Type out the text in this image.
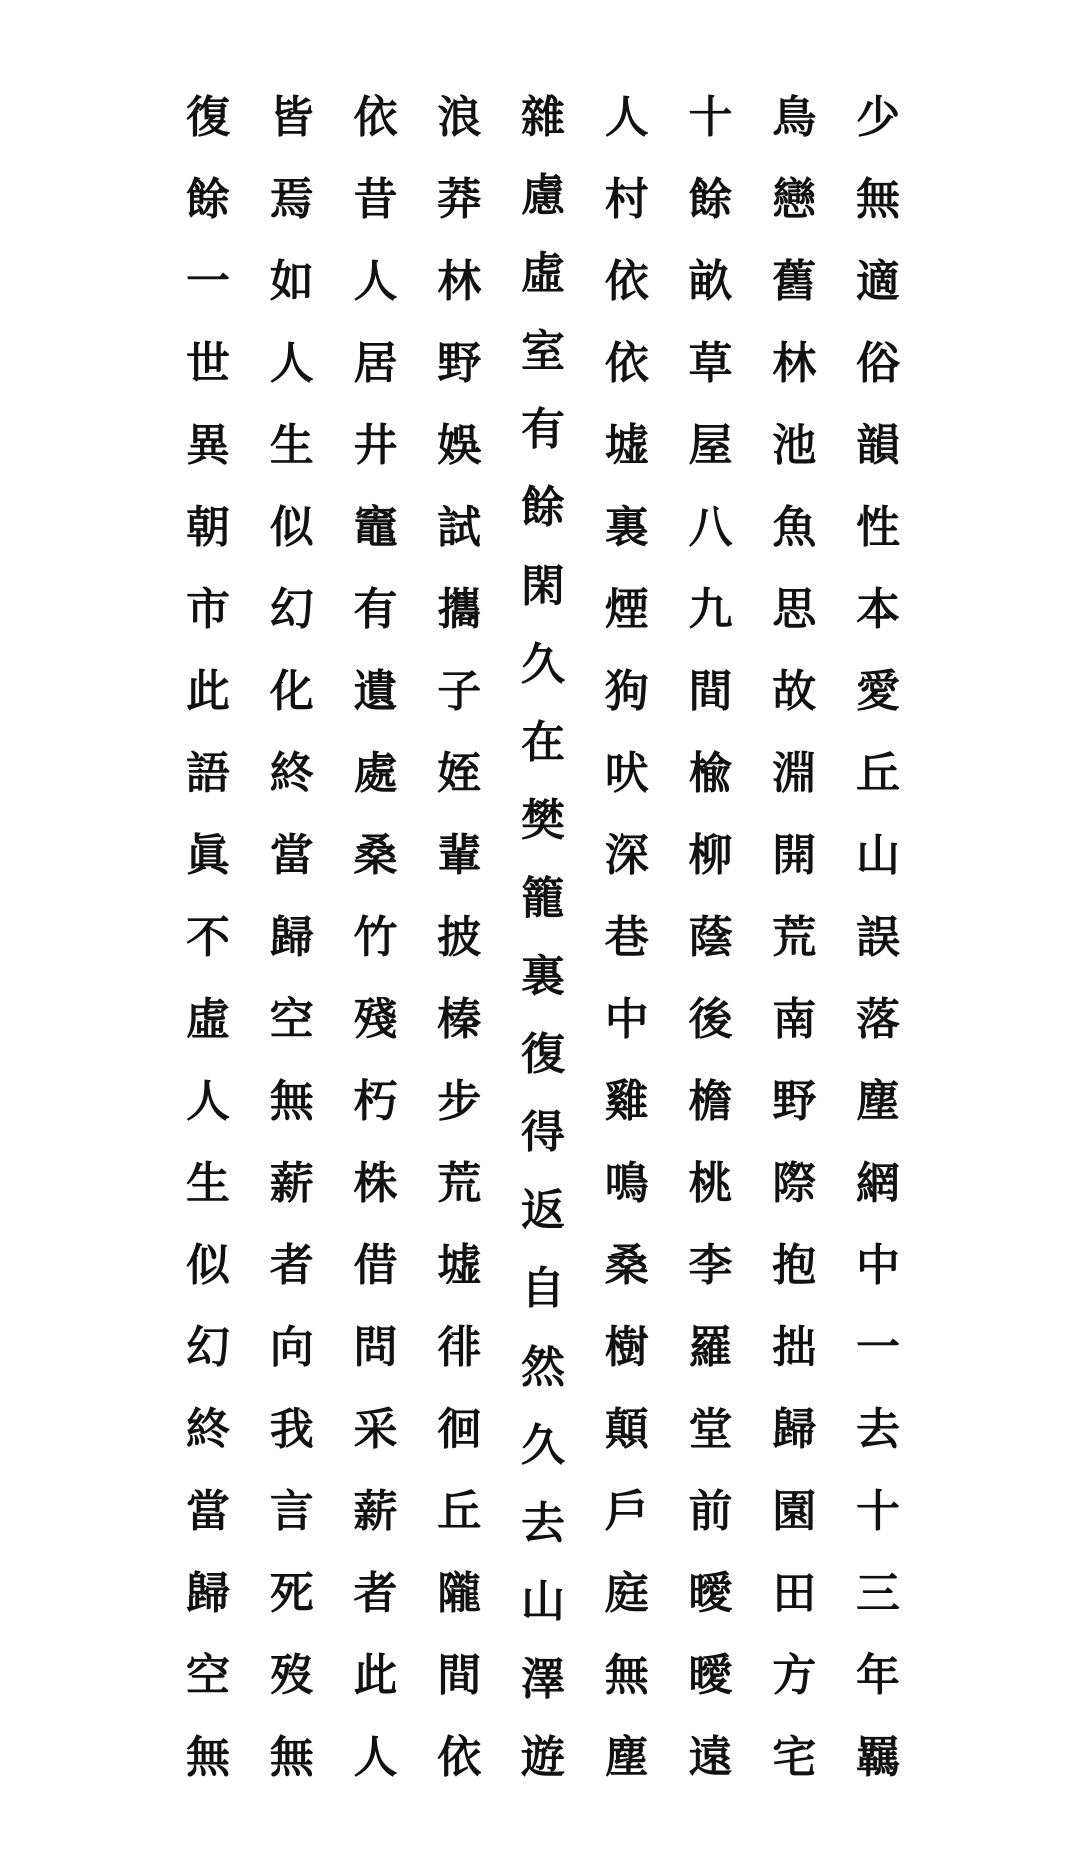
少
無
適
俗
韻
性
本
愛
丘
山
誤
落
塵
網
中
一
去
十
三
年
羈
鳥
戀
舊
林
池
魚
思
故
淵
開
荒
南
野
際
抱
拙
歸
園
田
方
宅
十
餘
畝
草
屋
八
九
間
楡
柳
蔭
後
檐
桃
李
羅
堂
前
曖
曖
遠
人
村
依
依
墟
裏
煙
狗
吠
深
巷
中
雞
鳴
桑
樹
顛
戶
庭
無
塵
雜
慮
虛
室
有
餘
閑
久
在
樊
籠
裏
復
得
返
自
然
久
去
山
澤
遊
浪
莽
林
野
娛
試
攜
子
姪
輩
披
榛
步
荒
墟
徘
徊
丘
隴
間
依
依
昔
人
居
井
竈
有
遺
處
桑
竹
殘
朽
株
借
問
采
薪
者
此
人
皆
焉
如
人
生
似
幻
化
終
當
歸
空
無
薪
者
向
我
言
死
歿
無
復
餘
一
世
異
朝
市
此
語
眞
不
虛
人
生
似
幻
終
當
歸
空
無
